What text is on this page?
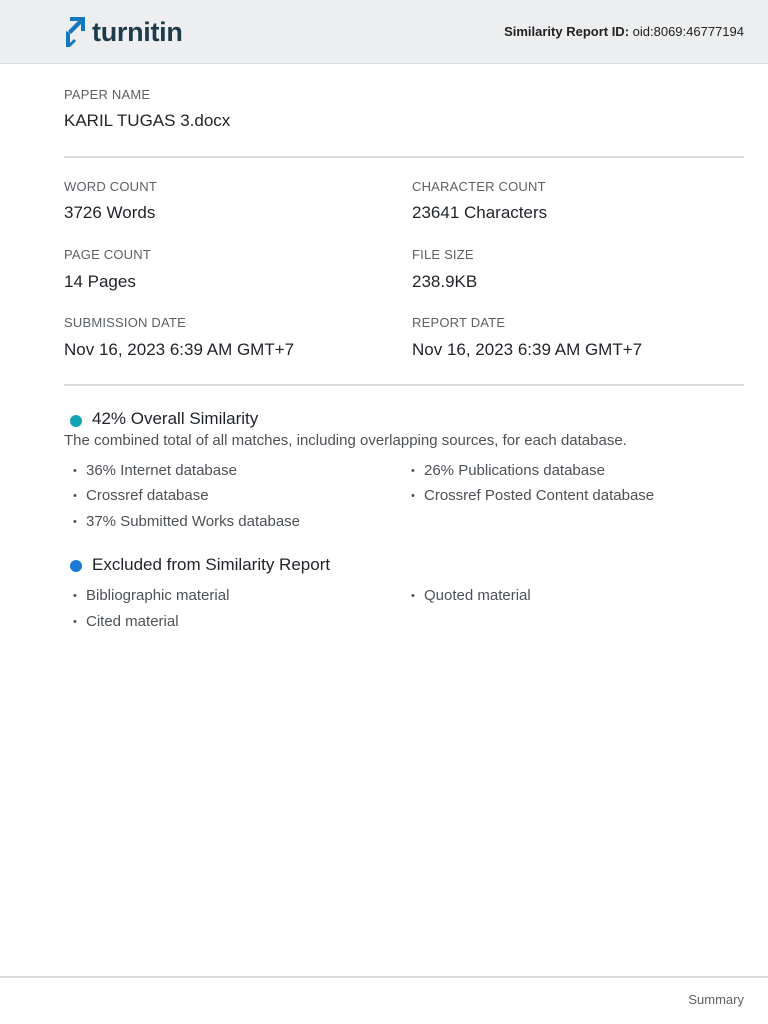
turnitin	Similarity Report ID: oid:8069:46777194
PAPER NAME
KARIL TUGAS 3.docx
WORD COUNT
3726 Words
CHARACTER COUNT
23641 Characters
PAGE COUNT
14 Pages
FILE SIZE
238.9KB
SUBMISSION DATE
Nov 16, 2023 6:39 AM GMT+7
REPORT DATE
Nov 16, 2023 6:39 AM GMT+7
42% Overall Similarity
The combined total of all matches, including overlapping sources, for each database.
• 36% Internet database	• 26% Publications database
• Crossref database	• Crossref Posted Content database
• 37% Submitted Works database
Excluded from Similarity Report
• Bibliographic material	• Quoted material
• Cited material
Summary
